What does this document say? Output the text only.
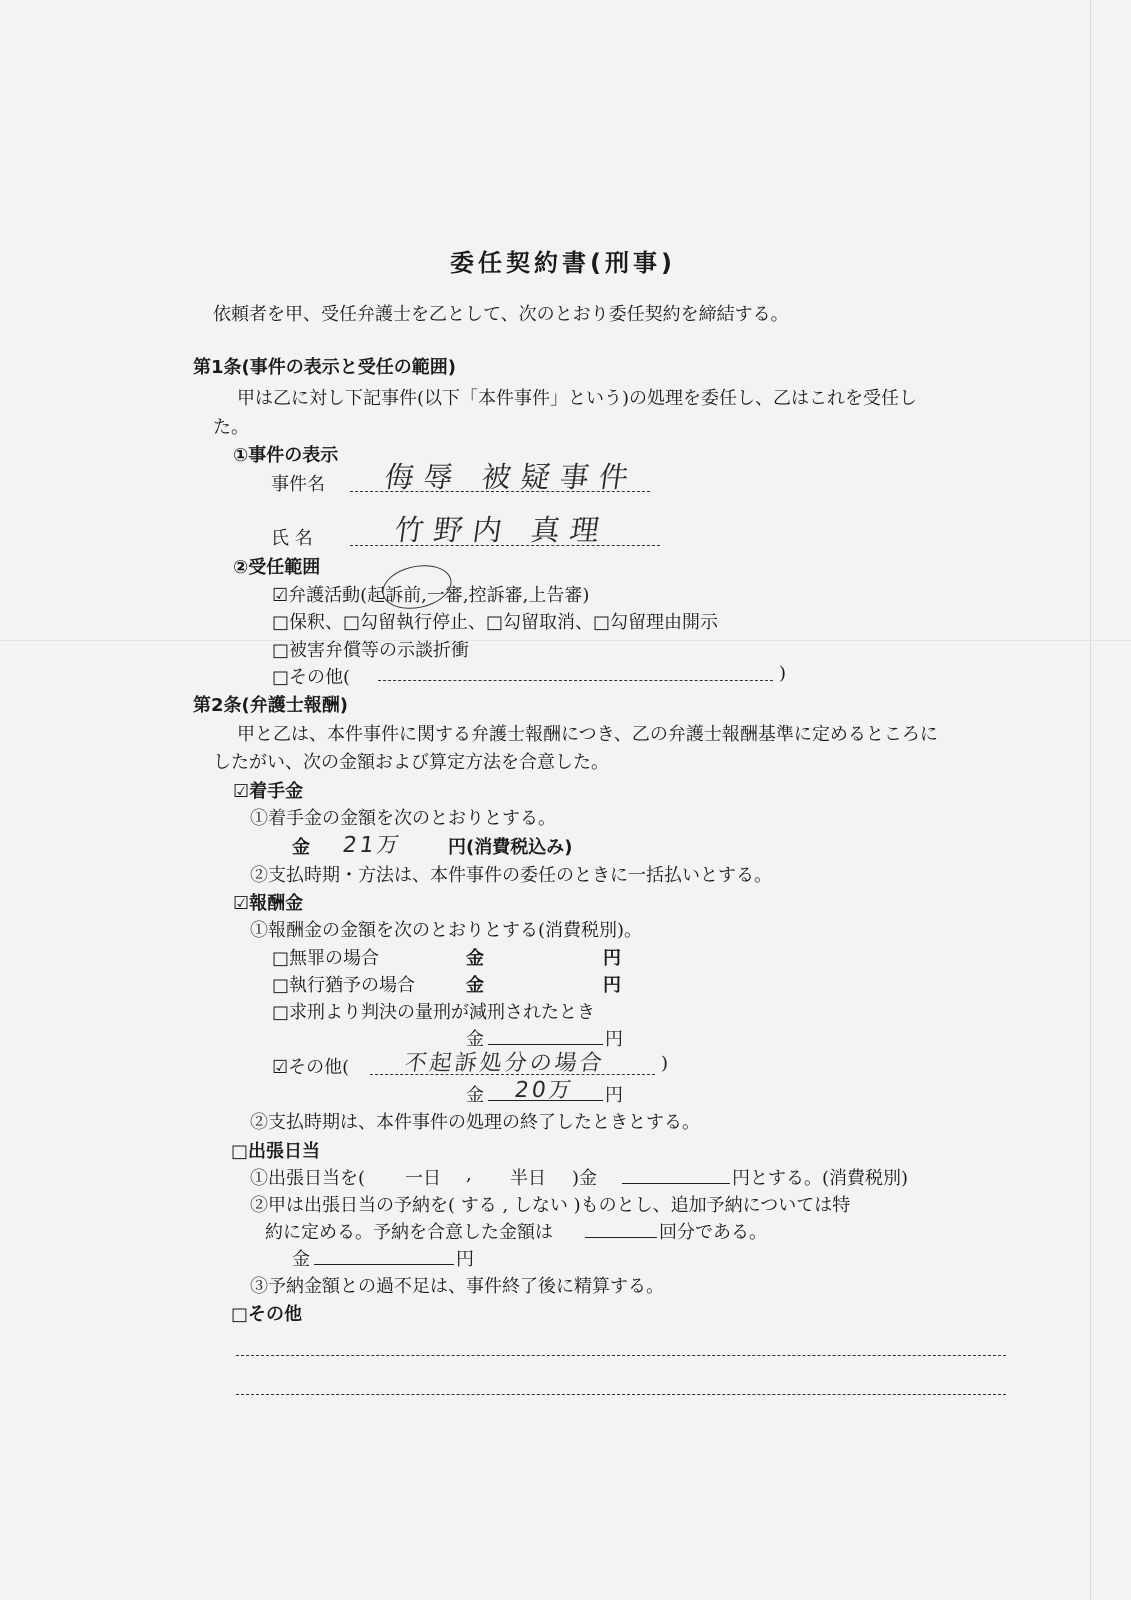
委任契約書(刑事)
依頼者を甲、受任弁護士を乙として、次のとおり委任契約を締結する。
第1条(事件の表示と受任の範囲)
甲は乙に対し下記事件(以下「本件事件」という)の処理を委任し、乙はこれを受任し
た。
①事件の表示
事件名 侮辱 被疑事件
氏 名	竹野内 真理
②受任範囲
☑弁護活動(起訴前,一審,控訴審,上告審)
□保釈、□勾留執行停止、□勾留取消、□勾留理由開示
□被害弁償等の示談折衝
□その他(	)
第2条(弁護士報酬)
甲と乙は、本件事件に関する弁護士報酬につき、乙の弁護士報酬基準に定めるところに
したがい、次の金額および算定方法を合意した。
☑着手金
①着手金の金額を次のとおりとする。
金 21万 円(消費税込み)
②支払時期・方法は、本件事件の委任のときに一括払いとする。
☑報酬金
①報酬金の金額を次のとおりとする(消費税別)。
□無罪の場合	金	円
□執行猶予の場合	金	円
□求刑より判決の量刑が減刑されたとき
金	円
☑その他( 不起訴処分の場合	)
金 20万 円
②支払時期は、本件事件の処理の終了したときとする。
□出張日当
①出張日当を( 一日 , 半日 )金	円とする。(消費税別)
②甲は出張日当の予納を( する , しない )ものとし、追加予納については特
約に定める。予納を合意した金額は	回分である。
金	円
③予納金額との過不足は、事件終了後に精算する。
□その他
